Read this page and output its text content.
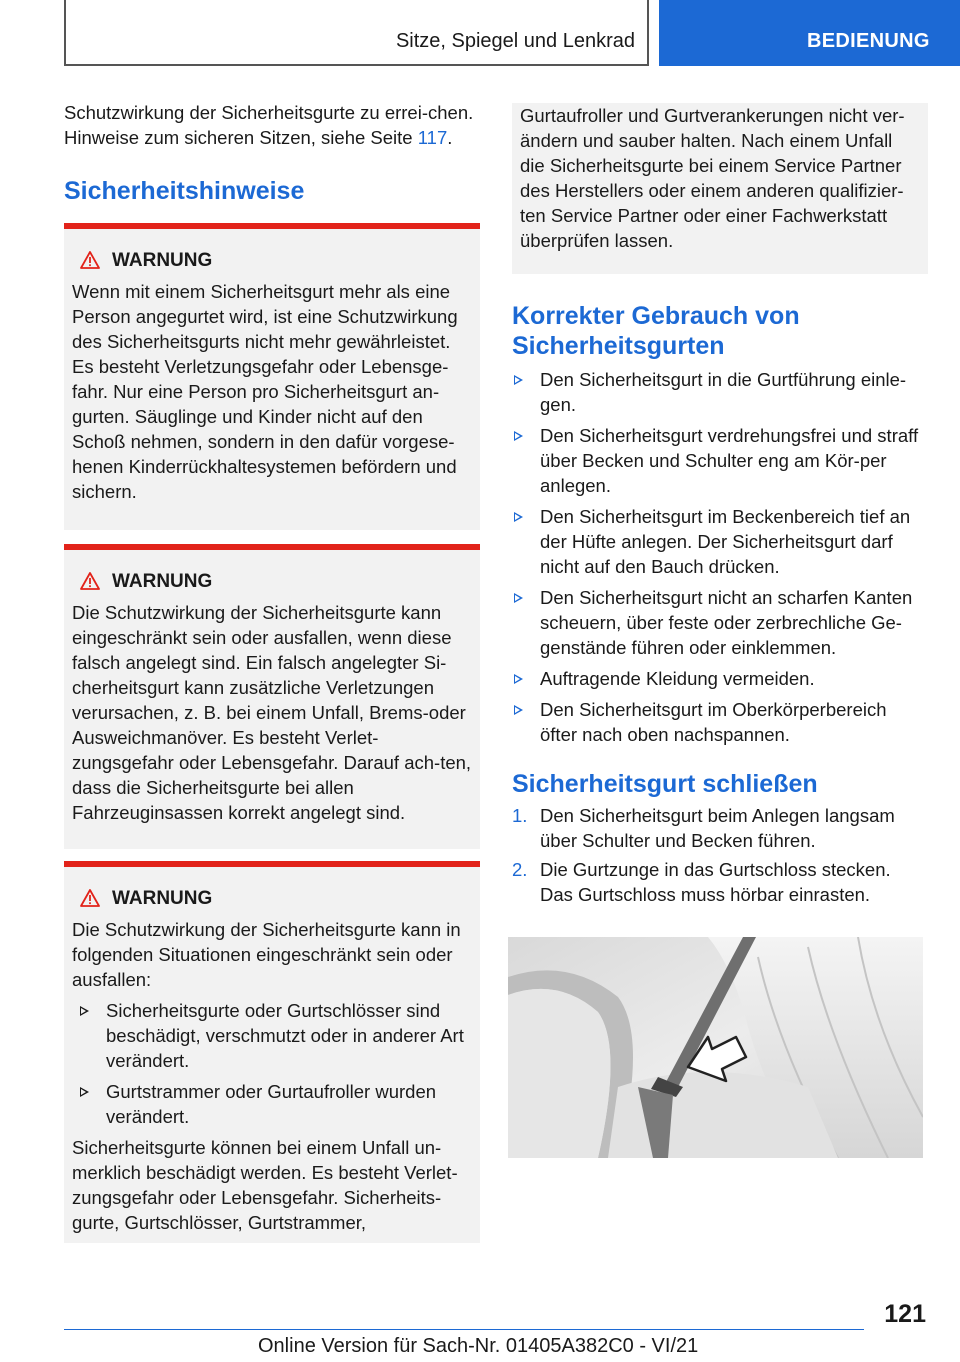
Sitze, Spiegel und Lenkrad	BEDIENUNG

Schutzwirkung der Sicherheitsgurte zu errei-chen. Hinweise zum sicheren Sitzen, siehe Seite 117.

Sicherheitshinweise
WARNUNG

Wenn mit einem Sicherheitsgurt mehr als eine Person angegurtet wird, ist eine Schutzwirkung des Sicherheitsgurts nicht mehr gewährleistet. Es besteht Verletzungsgefahr oder Lebensge-fahr. Nur eine Person pro Sicherheitsgurt an-gurten. Säuglinge und Kinder nicht auf den Schoß nehmen, sondern in den dafür vorgese-henen Kinderrückhaltesystemen befördern und sichern.

WARNUNG

Die Schutzwirkung der Sicherheitsgurte kann eingeschränkt sein oder ausfallen, wenn diese falsch angelegt sind. Ein falsch angelegter Si-cherheitsgurt kann zusätzliche Verletzungen verursachen, z. B. bei einem Unfall, Brems-oder Ausweichmanöver. Es besteht Verlet-zungsgefahr oder Lebensgefahr. Darauf ach-ten, dass die Sicherheitsgurte bei allen Fahrzeuginsassen korrekt angelegt sind.

WARNUNG

Die Schutzwirkung der Sicherheitsgurte kann in folgenden Situationen eingeschränkt sein oder ausfallen:

Sicherheitsgurte oder Gurtschlösser sind beschädigt, verschmutzt oder in anderer Art verändert.
Gurtstrammer oder Gurtaufroller wurden verändert.

Sicherheitsgurte können bei einem Unfall un-merklich beschädigt werden. Es besteht Verlet-zungsgefahr oder Lebensgefahr. Sicherheits-gurte, Gurtschlösser, Gurtstrammer,

Gurtaufroller und Gurtverankerungen nicht ver-ändern und sauber halten. Nach einem Unfall die Sicherheitsgurte bei einem Service Partner des Herstellers oder einem anderen qualifizier-ten Service Partner oder einer Fachwerkstatt überprüfen lassen.

Korrekter Gebrauch von Sicherheitsgurten
Den Sicherheitsgurt in die Gurtführung einle-gen.
Den Sicherheitsgurt verdrehungsfrei und straff über Becken und Schulter eng am Kör-per anlegen.
Den Sicherheitsgurt im Beckenbereich tief an der Hüfte anlegen. Der Sicherheitsgurt darf nicht auf den Bauch drücken.
Den Sicherheitsgurt nicht an scharfen Kanten scheuern, über feste oder zerbrechliche Ge-genstände führen oder einklemmen.
Auftragende Kleidung vermeiden.
Den Sicherheitsgurt im Oberkörperbereich öfter nach oben nachspannen.
Sicherheitsgurt schließen
1. Den Sicherheitsgurt beim Anlegen langsam über Schulter und Becken führen.
2. Die Gurtzunge in das Gurtschloss stecken. Das Gurtschloss muss hörbar einrasten.
121
Online Version für Sach-Nr. 01405A382C0 - VI/21
